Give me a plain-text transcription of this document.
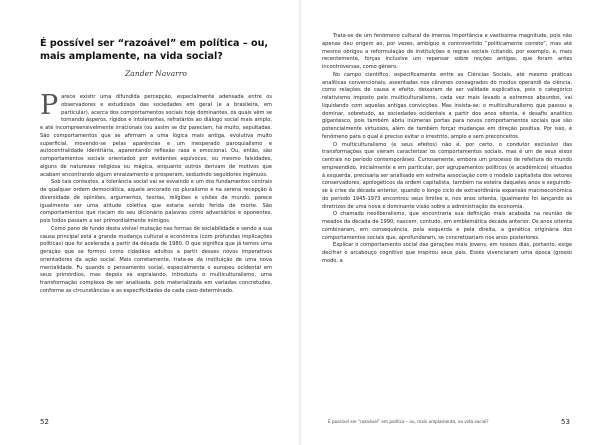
É possível ser “razoável” em política – ou, mais amplamente, na vida social?
Zander Navarro

Parece existir uma difundida percepção, especialmente adensada entre os observadores e estudiosos das sociedades em geral (e a brasileira, em particular), acerca dos comportamentos sociais hoje dominantes, os quais vêm se tornando ásperos, rígidos e intolerantes, refratários ao diálogo social mais amplo, e até incompreensivelmente irracionais (ou assim se diz pareciam, há muito, sepultadas. São comportamentos que se afirmam a uma lógica mais antiga, evolutiva muito superficial, movendo-se pelas aparências e um inesperado paroquialismo e autocentralidade identitária, aparentando reflexão rasa e emocional. Ou, então, são comportamentos sociais orientados por evidentes equívocos, ou mesmo falsidades, alguns de naturezas religiosa ou mágica, enquanto outros derivam de motivos que acabam encontrando algum enraizamento e prosperam, seduzindo seguidores ingênuos.

Sob tais contextos, a tolerância social vai se esvaindo e um dos fundamentos centrais de qualquer ordem democrática, aquele ancorado no pluralismo e na serena recepção à diversidade de opiniões, argumentos, teorias, religiões e visões de mundo, parece igualmente ser uma atitude coletiva que estaria sendo ferida de morte. São comportamentos que riscam do seu dicionário palavras como adversários e oponentes, pois todos passam a ser primordialmente inimigos.

Como pano de fundo desta visível mutação nas formas de sociabilidade e sendo a sua causa principal está a grande mudança cultural e econômica (com profundas implicações políticas) que foi acelerada a partir da década de 1980. O que significa que já temos uma geração que se formou como cidadãos adultos a partir desses novos imperativos orientadores da ação social. Mais corretamente, trata-se da instituição de uma nova mentalidade. Fu quando o pensamento social, especialmente o europeu ocidental em seus primórdios, mas depois se espraiando, introduziu o multiculturalismo, uma transformação complexa de ser analisada, pois materializada em variadas concretudes, conforme as circunstâncias e as especificidades de cada caso determinado.

52

Trata-se de um fenômeno cultural de imensa importância e vastíssima magnitude, pois não apenas deu origem ao, por vezes, ambíguo e controvertido “politicamente correto”, mas até mesmo obrigou a reformulação de instituições e regras sociais (citando, por exemplo, e, mais recentemente, forças inclusive um repensar sobre noções antigas, que foram antes incontroversas, como gênero.

No campo científico, especificamente entre as Ciências Sociais, até mesmo práticas analíticas convencionais, assentadas nos cânones consagrados do modus operandi da ciência, como relações de causa e efeito, deixaram de ser validade explicativa, pois o categórico relativismo imposto pelo multiculturalismo, cada vez mais levado a extremos absurdos, vai liquidando com aquelas antigas convicções. Mas insista-se: o multiculturalismo que passou a dominar, sobretudo, as sociedades ocidentais a partir dos anos oitenta, é desafio analítico gigantesco, pois também abriu inúmeras portas para novos comportamentos sociais que são potencialmente virtuosos, além de também forçar mudanças em direção positiva. Por isso, é fenômeno para o qual é preciso evitar o irrestrito, amplo e sem preconceitos.

O multiculturalismo (e seus efeitos) não é, por certo, o condutor exclusivo das transformações que vieram caracterizar os comportamentos sociais, mas é um de seus eixos centrais no período contemporâneo. Curiosamente, embora um processo de refeitura do mundo empreendido, inicialmente e em particular, por agrupamentos políticos (e acadêmicos) situados à esquerda, precisaria ser analisado em estreita associação com o modelo capitalista dos setores conservadores, apologéticos da ordem capitalista, também na esteira daqueles anos e seguindo-se à crise da década anterior, quando o longo ciclo de extraordinária expansão macroeconômica do período 1945-1973 encontrou seus limites e, nos anos oitenta, igualmente foi lançando as diretrizes de uma nova e dominante visão sobre a administração da economia.

O chamado neoliberalismo, que encontraria sua definição mais acabada na reunião de meados da década de 1990, nascem, contudo, em emblemática década anterior. Os anos oitenta combinaram, em consequência, pela esquerda e pela direita, a genética originária dos comportamentos sociais que, aprofundaram, se concretizariam nos anos posteriores.

Explicar o comportamento social das gerações mais jovens, em nossos dias, portanto, exige decifrar o arcabouço cognitivo que inspirou seus pais. Esses vivenciaram uma época (grosso modo, a

É possível ser “razoável” em política – ou, mais amplamente, na vida social?	53
